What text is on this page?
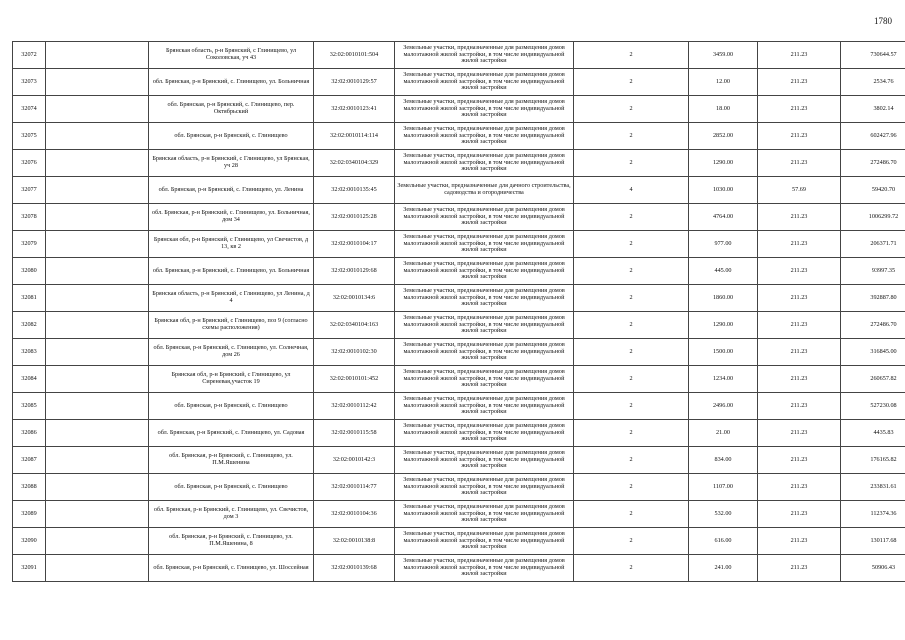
1780
32072		Брянская область, р-н Брянский, с Глинищево, ул Соколовская, уч 43	32:02:0010101:504	Земельные участки, предназначенные для размещения домов малоэтажной жилой застройки, в том числе индивидуальной жилой застройки	2	3459.00	211.23	730644.57
32073		обл. Брянская, р-н Брянский, с. Глинищево, ул. Больничная	32:02:0010129:57	Земельные участки, предназначенные для размещения домов малоэтажной жилой застройки, в том числе индивидуальной жилой застройки	2	12.00	211.23	2534.76
32074		обл. Брянская, р-н Брянский, с. Глинищево, пер. Октябрьский	32:02:0010123:41	Земельные участки, предназначенные для размещения домов малоэтажной жилой застройки, в том числе индивидуальной жилой застройки	2	18.00	211.23	3802.14
32075		обл. Брянская, р-н Брянский, с. Глинищево	32:02:0010114:114	Земельные участки, предназначенные для размещения домов малоэтажной жилой застройки, в том числе индивидуальной жилой застройки	2	2852.00	211.23	602427.96
32076		Брянская область, р-н Брянский, с Глинищево, ул Брянская, уч 28	32:02:0340104:329	Земельные участки, предназначенные для размещения домов малоэтажной жилой застройки, в том числе индивидуальной жилой застройки	2	1290.00	211.23	272486.70
32077		обл. Брянская, р-н Брянский, с. Глинищево, ул. Ленина	32:02:0010135:45	Земельные участки, предназначенные для дачного строительства, садоводства и огородничества	4	1030.00	57.69	59420.70
32078		обл. Брянская, р-н Брянский, с. Глинищево, ул. Больничная, дом 34	32:02:0010125:28	Земельные участки, предназначенные для размещения домов малоэтажной жилой застройки, в том числе индивидуальной жилой застройки	2	4764.00	211.23	1006299.72
32079		Брянская обл, р-н Брянский, с Глинищево, ул Свечистов, д 13, кв 2	32:02:0010104:17	Земельные участки, предназначенные для размещения домов малоэтажной жилой застройки, в том числе индивидуальной жилой застройки	2	977.00	211.23	206371.71
32080		обл. Брянская, р-н Брянский, с. Глинищево, ул. Больничная	32:02:0010129:68	Земельные участки, предназначенные для размещения домов малоэтажной жилой застройки, в том числе индивидуальной жилой застройки	2	445.00	211.23	93997.35
32081		Брянская область, р-н Брянский, с Глинищево, ул Ленина, д 4	32:02:0010134:6	Земельные участки, предназначенные для размещения домов малоэтажной жилой застройки, в том числе индивидуальной жилой застройки	2	1860.00	211.23	392887.80
32082		Брянская обл, р-н Брянский, с Глинищево, поз 9 (согласно схемы расположения)	32:02:0340104:163	Земельные участки, предназначенные для размещения домов малоэтажной жилой застройки, в том числе индивидуальной жилой застройки	2	1290.00	211.23	272486.70
32083		обл. Брянская, р-н Брянский, с. Глинищево, ул. Солнечная, дом 26	32:02:0010102:30	Земельные участки, предназначенные для размещения домов малоэтажной жилой застройки, в том числе индивидуальной жилой застройки	2	1500.00	211.23	316845.00
32084		Брянская обл, р-н Брянский, с Глинищево, ул Сиреневая,участок 19	32:02:0010101:452	Земельные участки, предназначенные для размещения домов малоэтажной жилой застройки, в том числе индивидуальной жилой застройки	2	1234.00	211.23	260657.82
32085		обл. Брянская, р-н Брянский, с. Глинищево	32:02:0010112:42	Земельные участки, предназначенные для размещения домов малоэтажной жилой застройки, в том числе индивидуальной жилой застройки	2	2496.00	211.23	527230.08
32086		обл. Брянская, р-н Брянский, с. Глинищево, ул. Садовая	32:02:0010115:58	Земельные участки, предназначенные для размещения домов малоэтажной жилой застройки, в том числе индивидуальной жилой застройки	2	21.00	211.23	4435.83
32087		обл. Брянская, р-н Брянский, с. Глинищево, ул. П.М.Яшенина	32:02:0010142:3	Земельные участки, предназначенные для размещения домов малоэтажной жилой застройки, в том числе индивидуальной жилой застройки	2	834.00	211.23	176165.82
32088		обл. Брянская, р-н Брянский, с. Глинищево	32:02:0010114:77	Земельные участки, предназначенные для размещения домов малоэтажной жилой застройки, в том числе индивидуальной жилой застройки	2	1107.00	211.23	233831.61
32089		обл. Брянская, р-н Брянский, с. Глинищево, ул. Свечистов, дом 3	32:02:0010104:36	Земельные участки, предназначенные для размещения домов малоэтажной жилой застройки, в том числе индивидуальной жилой застройки	2	532.00	211.23	112374.36
32090		обл. Брянская, р-н Брянский, с. Глинищево, ул. П.М.Яшенина, 8	32:02:0010138:8	Земельные участки, предназначенные для размещения домов малоэтажной жилой застройки, в том числе индивидуальной жилой застройки	2	616.00	211.23	130117.68
32091		обл. Брянская, р-н Брянский, с. Глинищево, ул. Шоссейная	32:02:0010139:68	Земельные участки, предназначенные для размещения домов малоэтажной жилой застройки, в том числе индивидуальной жилой застройки	2	241.00	211.23	50906.43
